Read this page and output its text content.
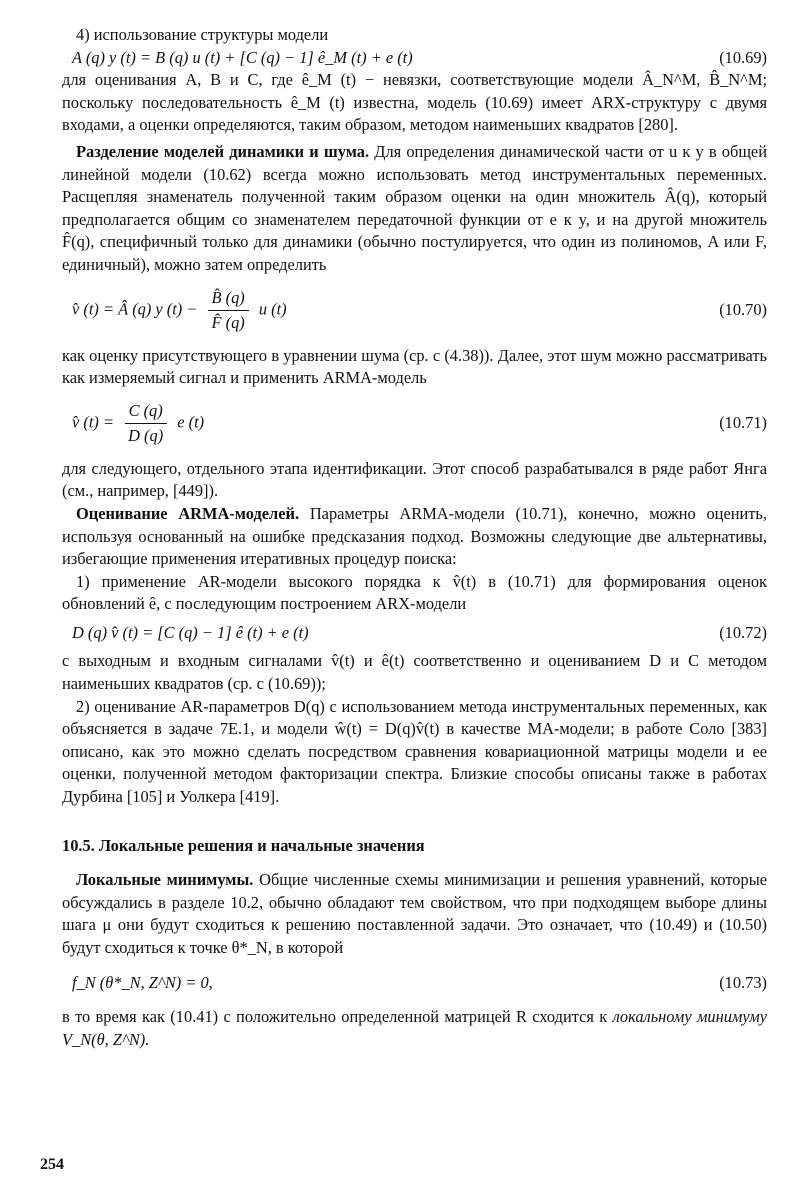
4) использование структуры модели

A (q) y (t) = B (q) u (t) + [C (q) − 1] ê_M (t) + e (t)	(10.69)

для оценивания A, B и C, где ê_M (t) − невязки, соответствующие модели Â_N^M, B̂_N^M; поскольку последовательность ê_M (t) известна, модель (10.69) имеет ARX-структуру с двумя входами, а оценки определяются, таким образом, методом наименьших квадратов [280].

Разделение моделей динамики и шума. Для определения динамической части от u к y в общей линейной модели (10.62) всегда можно использовать метод инструментальных переменных. Расщепляя знаменатель полученной таким образом оценки на один множитель Â(q), который предполагается общим со знаменателем передаточной функции от e к y, и на другой множитель F̂(q), специфичный только для динамики (обычно постулируется, что один из полиномов, A или F, единичный), можно затем определить

v̂ (t) = Â (q) y $(t) - \frac{B̂ (q)}{F̂ (q)}$ u (t)	(10.70)

как оценку присутствующего в уравнении шума (ср. с (4.38)). Далее, этот шум можно рассматривать как измеряемый сигнал и применить ARMA-модель

v̂ $(t) = \frac{C (q)}{D (q)}$ e (t)	(10.71)

для следующего, отдельного этапа идентификации. Этот способ разрабатывался в ряде работ Янга (см., например, [449]).

Оценивание ARMA-моделей. Параметры ARMA-модели (10.71), конечно, можно оценить, используя основанный на ошибке предсказания подход. Возможны следующие две альтернативы, избегающие применения итеративных процедур поиска:

1) применение AR-модели высокого порядка к v̂(t) в (10.71) для формирования оценок обновлений ê, с последующим построением ARX-модели

D (q) v̂ (t) = [C (q) − 1] ê (t) + e (t)	(10.72)

с выходным и входным сигналами v̂(t) и ê(t) соответственно и оцениванием D и C методом наименьших квадратов (ср. с (10.69));

2) оценивание AR-параметров D(q) с использованием метода инструментальных переменных, как объясняется в задаче 7E.1, и модели ŵ(t) = D(q)v̂(t) в качестве MA-модели; в работе Соло [383] описано, как это можно сделать посредством сравнения ковариационной матрицы модели и ее оценки, полученной методом факторизации спектра. Близкие способы описаны также в работах Дурбина [105] и Уолкера [419].

10.5. Локальные решения и начальные значения

Локальные минимумы. Общие численные схемы минимизации и решения уравнений, которые обсуждались в разделе 10.2, обычно обладают тем свойством, что при подходящем выборе длины шага μ они будут сходиться к решению поставленной задачи. Это означает, что (10.49) и (10.50) будут сходиться к точке θ*_N, в которой

f_N (θ*_N, Z^N) = 0,	(10.73)

в то время как (10.41) с положительно определенной матрицей R сходится к локальному минимуму V_N(θ, Z^N).

254
